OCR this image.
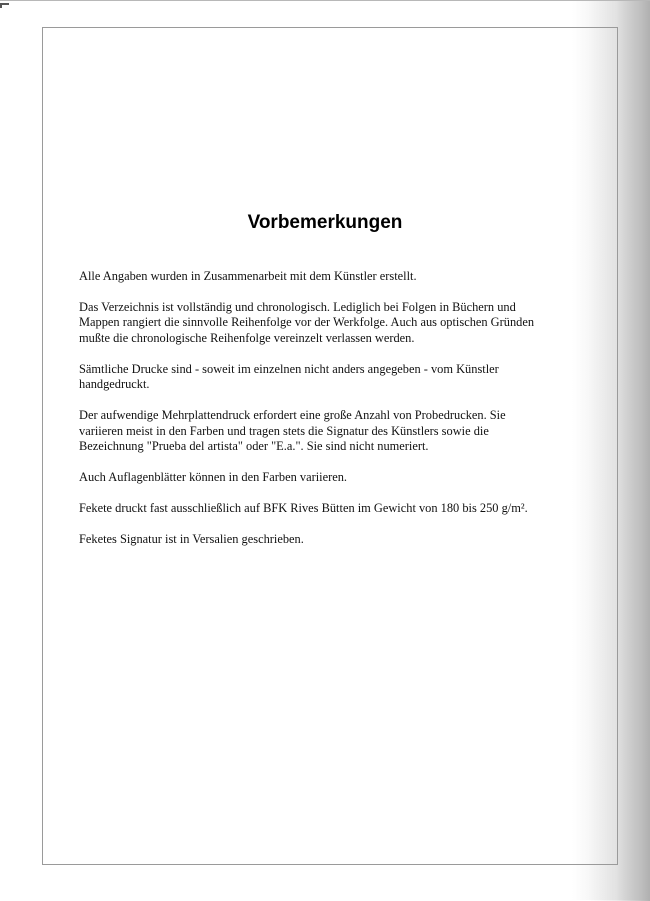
Vorbemerkungen

Alle Angaben wurden in Zusammenarbeit mit dem Künstler erstellt.

Das Verzeichnis ist vollständig und chronologisch. Lediglich bei Folgen in Büchern und
Mappen rangiert die sinnvolle Reihenfolge vor der Werkfolge. Auch aus optischen Gründen
mußte die chronologische Reihenfolge vereinzelt verlassen werden.

Sämtliche Drucke sind - soweit im einzelnen nicht anders angegeben - vom Künstler
handgedruckt.

Der aufwendige Mehrplattendruck erfordert eine große Anzahl von Probedrucken. Sie
variieren meist in den Farben und tragen stets die Signatur des Künstlers sowie die
Bezeichnung "Prueba del artista" oder "E.a.". Sie sind nicht numeriert.

Auch Auflagenblätter können in den Farben variieren.

Fekete druckt fast ausschließlich auf BFK Rives Bütten im Gewicht von 180 bis 250 g/m².

Feketes Signatur ist in Versalien geschrieben.
